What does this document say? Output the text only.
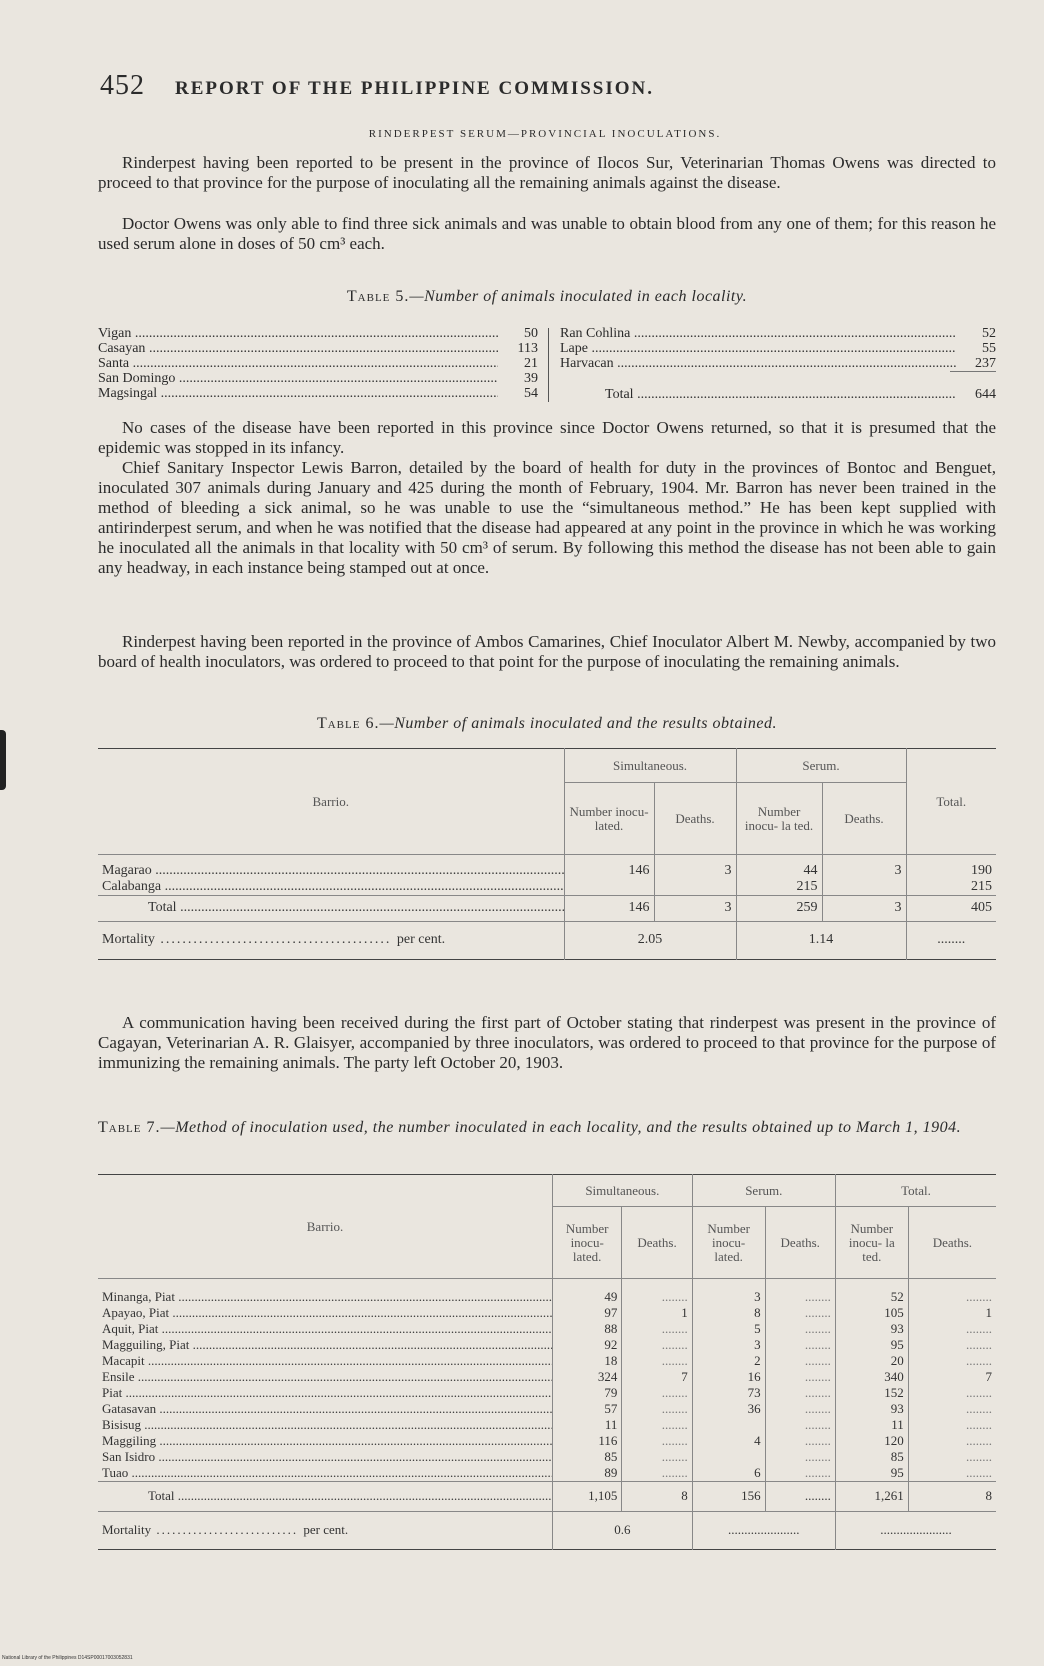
452 REPORT OF THE PHILIPPINE COMMISSION.
RINDERPEST SERUM—PROVINCIAL INOCULATIONS.

Rinderpest having been reported to be present in the province of Ilocos Sur, Veterinarian Thomas Owens was directed to proceed to that province for the purpose of inoculating all the remaining animals against the disease.

Doctor Owens was only able to find three sick animals and was unable to obtain blood from any one of them; for this reason he used serum alone in doses of 50 cm³ each.

Table 5.—Number of animals inoculated in each locality.
Vigan .....	50
Casayan .....	113
Santa .....	21
San Domingo .....	39
Magsingal .....	54
Ran Cohlina .....	52
Lape .....	55
Harvacan .....	237
Total .....	644

No cases of the disease have been reported in this province since Doctor Owens returned, so that it is presumed that the epidemic was stopped in its infancy.

Chief Sanitary Inspector Lewis Barron, detailed by the board of health for duty in the provinces of Bontoc and Benguet, inoculated 307 animals during January and 425 during the month of February, 1904. Mr. Barron has never been trained in the method of bleeding a sick animal, so he was unable to use the “simultaneous method.” He has been kept supplied with antirinderpest serum, and when he was notified that the disease had appeared at any point in the province in which he was working he inoculated all the animals in that locality with 50 cm³ of serum. By following this method the disease has not been able to gain any headway, in each instance being stamped out at once.

Rinderpest having been reported in the province of Ambos Camarines, Chief Inoculator Albert M. Newby, accompanied by two board of health inoculators, was ordered to proceed to that point for the purpose of inoculating the remaining animals.

Table 6.—Number of animals inoculated and the results obtained.
Barrio.	Simultaneous.		Serum.		Total.
	Number inocu- lated.	Deaths.	Number inocu- la ted.	Deaths.	
Magarao .....	146	3	44	3	190
Calabanga .....			215		215
Total .....	146	3	259	3	405
Mortality .......................................... per cent.	2.05		1.14		........

A communication having been received during the first part of October stating that rinderpest was present in the province of Cagayan, Veterinarian A. R. Glaisyer, accompanied by three inoculators, was ordered to proceed to that province for the purpose of immunizing the remaining animals. The party left October 20, 1903.

Table 7.—Method of inoculation used, the number inoculated in each locality, and the results obtained up to March 1, 1904.
Barrio.	Simultaneous.		Serum.		Total.	
	Number inocu- lated.	Deaths.	Number inocu- lated.	Deaths.	Number inocu- la ted.	Deaths.
Minanga, Piat .....	49	........	3	........	52	........
Apayao, Piat .....	97	1	8	........	105	1
Aquit, Piat .....	88	........	5	........	93	........
Magguiling, Piat .....	92	........	3	........	95	........
Macapit .....	18	........	2	........	20	........
Ensile .....	324	7	16	........	340	7
Piat .....	79	........	73	........	152	........
Gatasavan .....	57	........	36	........	93	........
Bisisug .....	11	........		........	11	........
Maggiling .....	116	........	4	........	120	........
San Isidro .....	85	........		........	85	........
Tuao .....	89	........	6	........	95	........
Total .....	1,105	8	156	........	1,261	8
Mortality ........................... per cent.	0.6		......................		......................	
National Library of the Philippines D14SP00017003052831
